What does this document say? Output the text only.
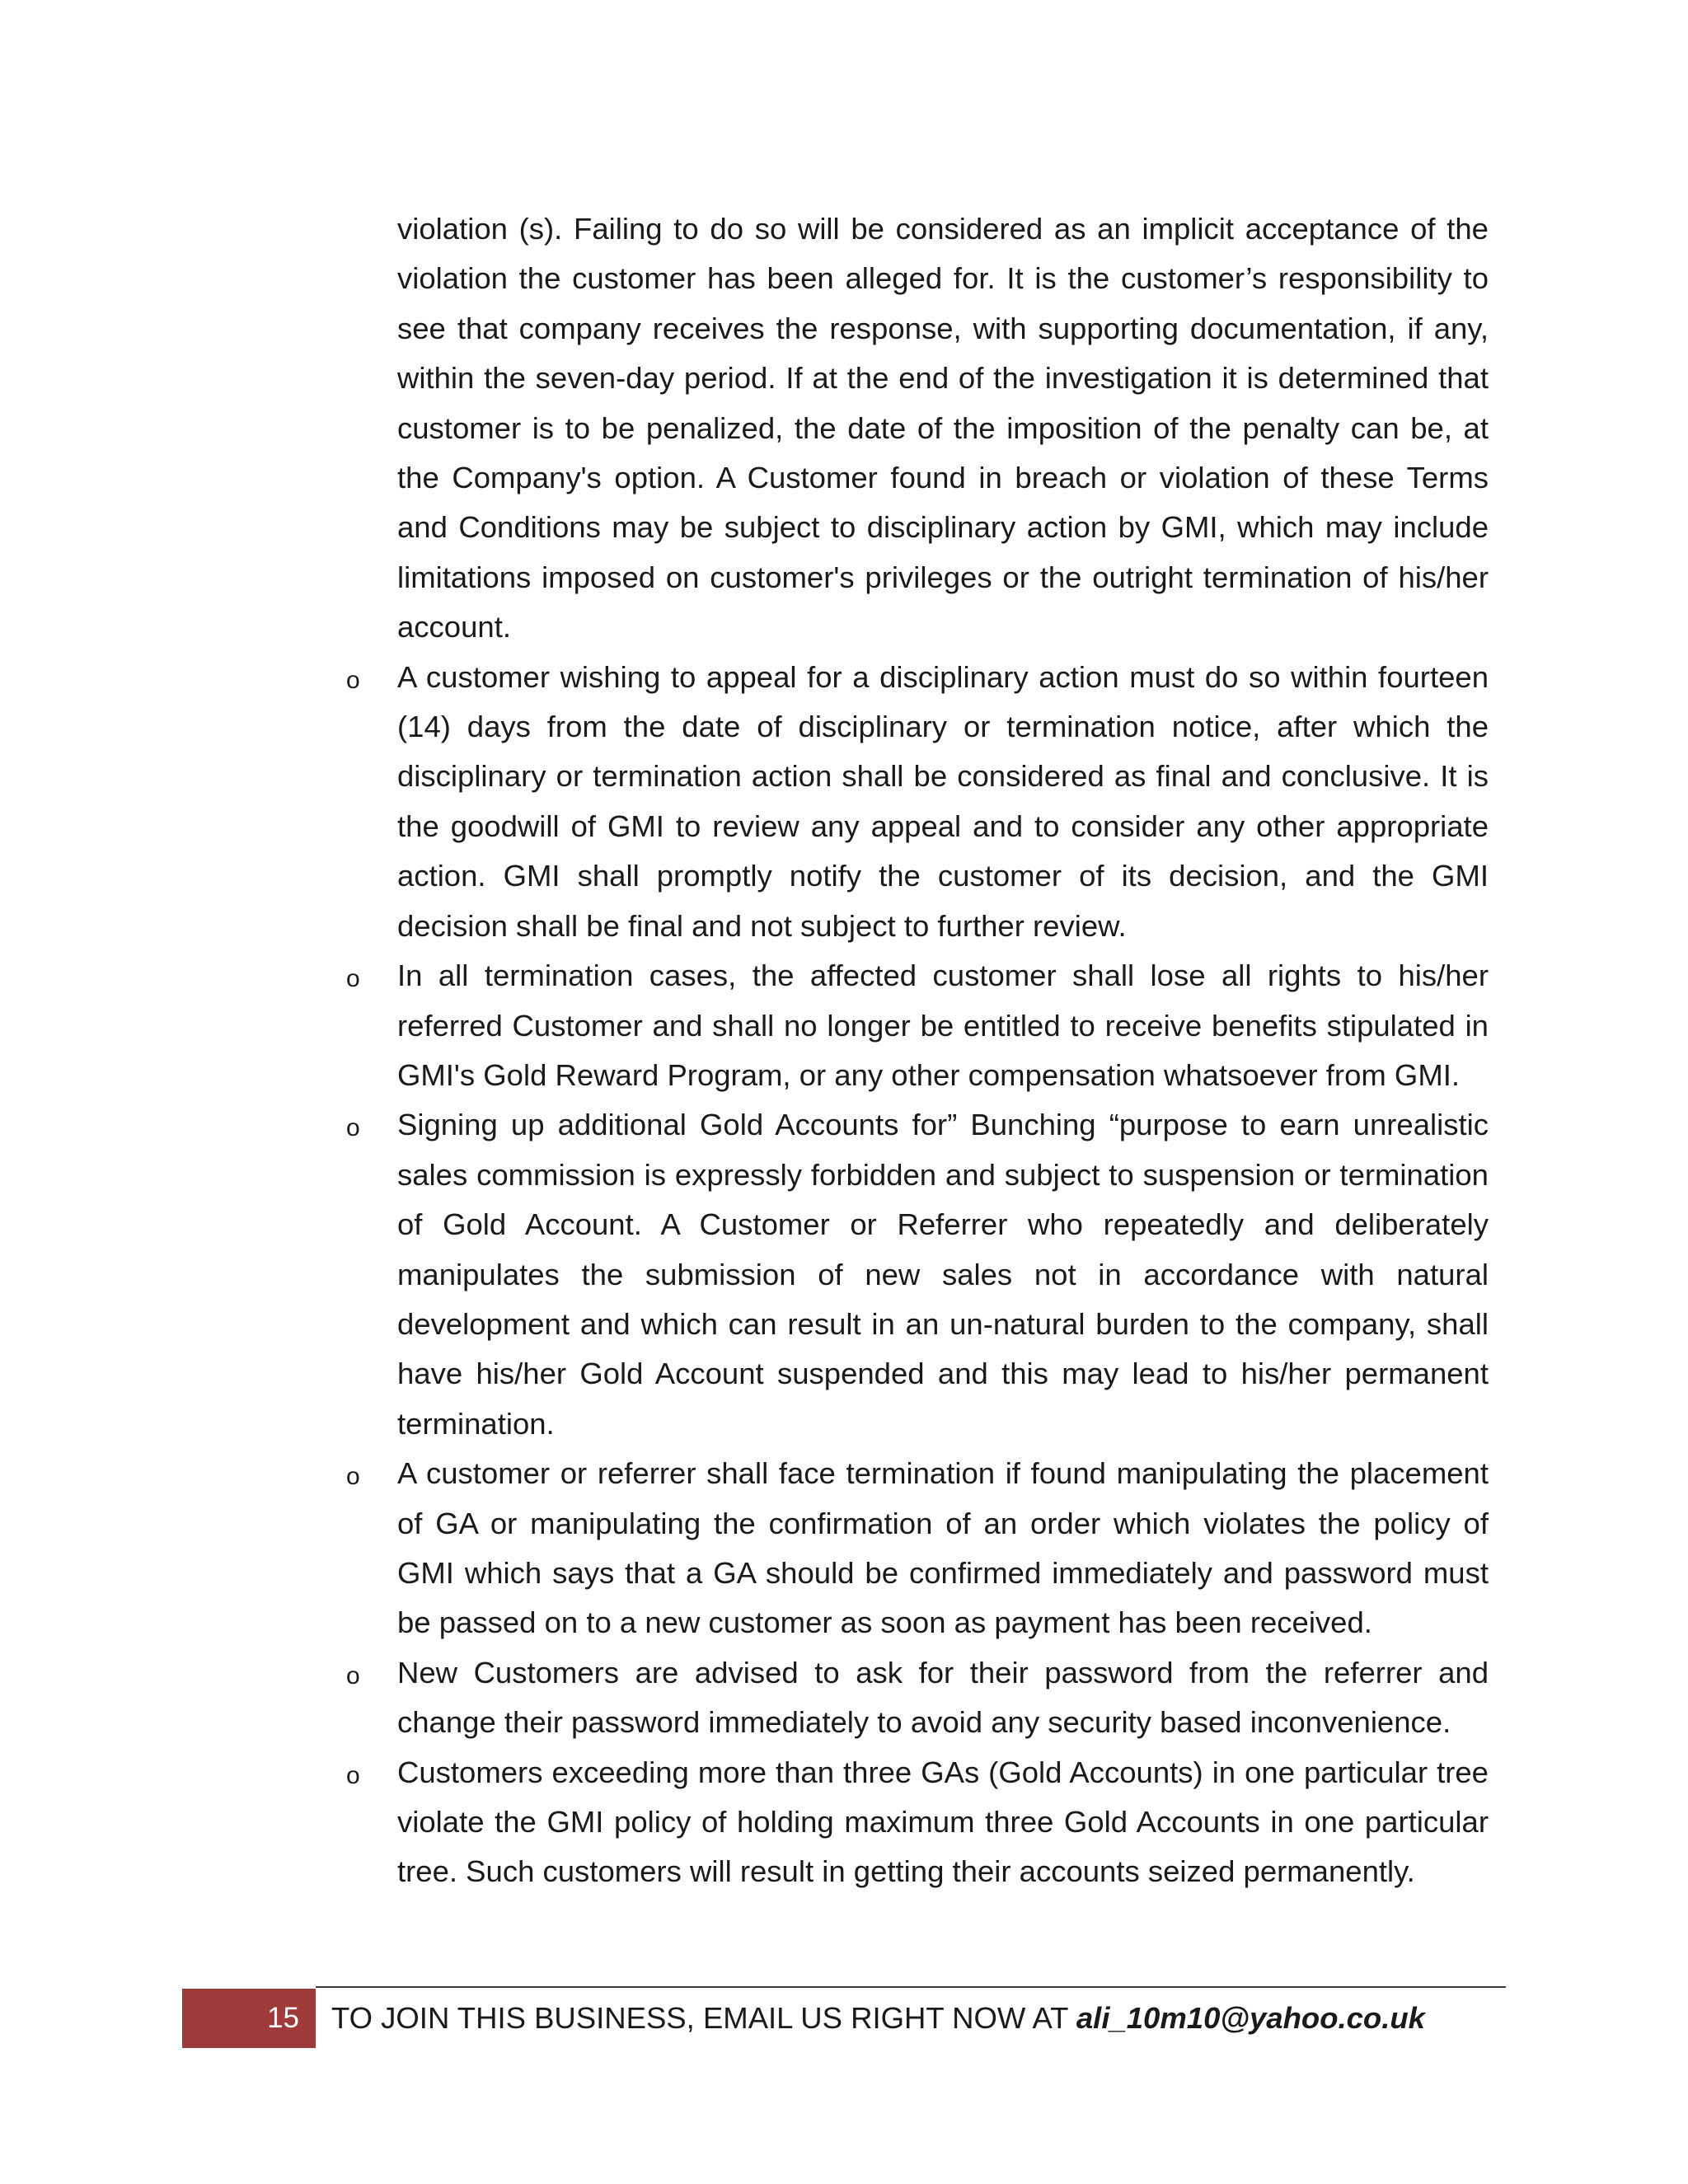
violation (s). Failing to do so will be considered as an implicit acceptance of the violation the customer has been alleged for. It is the customer’s responsibility to see that company receives the response, with supporting documentation, if any, within the seven-day period. If at the end of the investigation it is determined that customer is to be penalized, the date of the imposition of the penalty can be, at the Company's option. A Customer found in breach or violation of these Terms and Conditions may be subject to disciplinary action by GMI, which may include limitations imposed on customer's privileges or the outright termination of his/her account.

o A customer wishing to appeal for a disciplinary action must do so within fourteen (14) days from the date of disciplinary or termination notice, after which the disciplinary or termination action shall be considered as final and conclusive. It is the goodwill of GMI to review any appeal and to consider any other appropriate action. GMI shall promptly notify the customer of its decision, and the GMI decision shall be final and not subject to further review.
o In all termination cases, the affected customer shall lose all rights to his/her referred Customer and shall no longer be entitled to receive benefits stipulated in GMI's Gold Reward Program, or any other compensation whatsoever from GMI.
o Signing up additional Gold Accounts for” Bunching “purpose to earn unrealistic sales commission is expressly forbidden and subject to suspension or termination of Gold Account. A Customer or Referrer who repeatedly and deliberately manipulates the submission of new sales not in accordance with natural development and which can result in an un-natural burden to the company, shall have his/her Gold Account suspended and this may lead to his/her permanent termination.
o A customer or referrer shall face termination if found manipulating the placement of GA or manipulating the confirmation of an order which violates the policy of GMI which says that a GA should be confirmed immediately and password must be passed on to a new customer as soon as payment has been received.
o New Customers are advised to ask for their password from the referrer and change their password immediately to avoid any security based inconvenience.
o Customers exceeding more than three GAs (Gold Accounts) in one particular tree violate the GMI policy of holding maximum three Gold Accounts in one particular tree. Such customers will result in getting their accounts seized permanently.
15	TO JOIN THIS BUSINESS, EMAIL US RIGHT NOW AT ali_10m10@yahoo.co.uk
